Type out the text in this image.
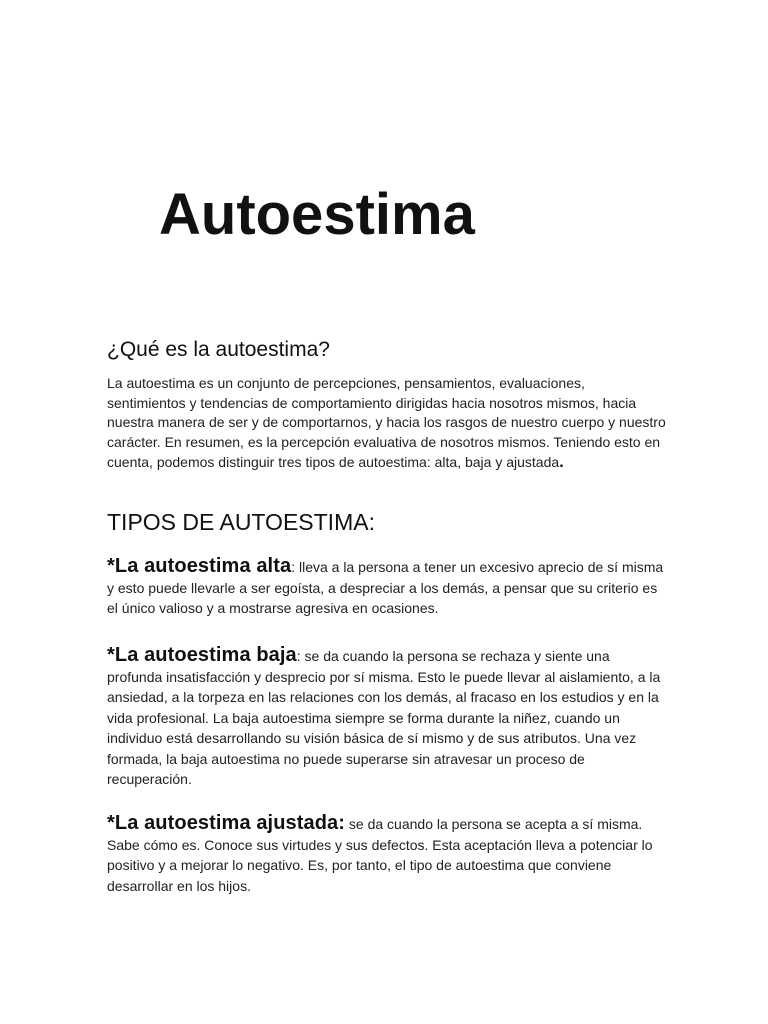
Autoestima
¿Qué es la autoestima?

La autoestima es un conjunto de percepciones, pensamientos, evaluaciones, sentimientos y tendencias de comportamiento dirigidas hacia nosotros mismos, hacia nuestra manera de ser y de comportarnos, y hacia los rasgos de nuestro cuerpo y nuestro carácter. En resumen, es la percepción evaluativa de nosotros mismos. Teniendo esto en cuenta, podemos distinguir tres tipos de autoestima: alta, baja y ajustada.

TIPOS DE AUTOESTIMA:

*La autoestima alta: lleva a la persona a tener un excesivo aprecio de sí misma y esto puede llevarle a ser egoísta, a despreciar a los demás, a pensar que su criterio es el único valioso y a mostrarse agresiva en ocasiones.

*La autoestima baja: se da cuando la persona se rechaza y siente una profunda insatisfacción y desprecio por sí misma. Esto le puede llevar al aislamiento, a la ansiedad, a la torpeza en las relaciones con los demás, al fracaso en los estudios y en la vida profesional. La baja autoestima siempre se forma durante la niñez, cuando un individuo está desarrollando su visión básica de sí mismo y de sus atributos. Una vez formada, la baja autoestima no puede superarse sin atravesar un proceso de recuperación.

*La autoestima ajustada: se da cuando la persona se acepta a sí misma. Sabe cómo es. Conoce sus virtudes y sus defectos. Esta aceptación lleva a potenciar lo positivo y a mejorar lo negativo. Es, por tanto, el tipo de autoestima que conviene desarrollar en los hijos.
